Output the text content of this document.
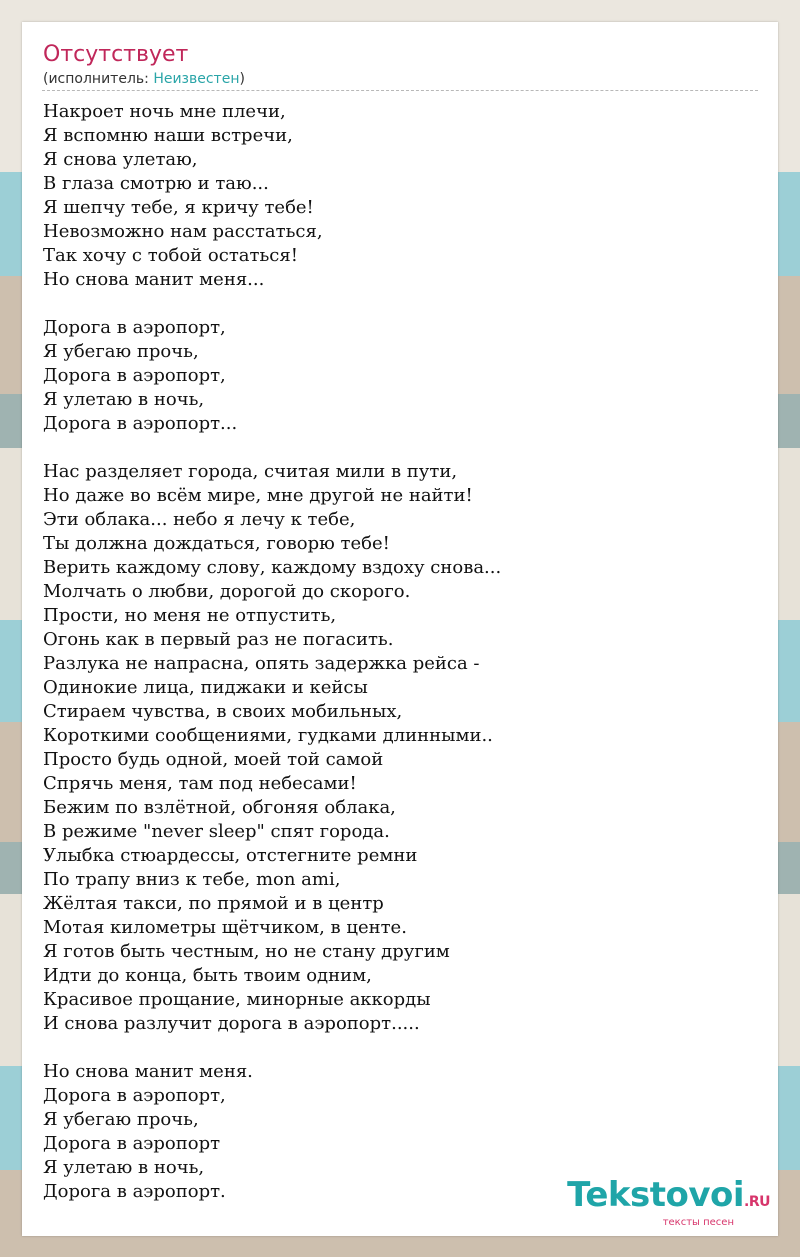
Отсутствует
(исполнитель: Неизвестен)
Накроет ночь мне плечи,
Я вспомню наши встречи,
Я снова улетаю,
В глаза смотрю и таю...
Я шепчу тебе, я кричу тебе!
Невозможно нам расстаться,
Так хочу с тобой остаться!
Но снова манит меня...

Дорога в аэропорт,
Я убегаю прочь,
Дорога в аэропорт,
Я улетаю в ночь,
Дорога в аэропорт...

Нас разделяет города, считая мили в пути,
Но даже во всём мире, мне другой не найти!
Эти облака... небо я лечу к тебе,
Ты должна дождаться, говорю тебе!
Верить каждому слову, каждому вздоху снова...
Молчать о любви, дорогой до скорого.
Прости, но меня не отпустить,
Огонь как в первый раз не погасить.
Разлука не напрасна, опять задержка рейса -
Одинокие лица, пиджаки и кейсы
Стираем чувства, в своих мобильных,
Короткими сообщениями, гудками длинными..
Просто будь одной, моей той самой
Спрячь меня, там под небесами!
Бежим по взлётной, обгоняя облака,
В режиме "never sleep" спят города.
Улыбка стюардессы, отстегните ремни
По трапу вниз к тебе, mon ami,
Жёлтая такси, по прямой и в центр
Мотая километры щётчиком, в центе.
Я готов быть честным, но не стану другим
Идти до конца, быть твоим одним,
Красивое прощание, минорные аккорды
И снова разлучит дорога в аэропорт.....

Но снова манит меня.
Дорога в аэропорт,
Я убегаю прочь,
Дорога в аэропорт
Я улетаю в ночь,
Дорога в аэропорт.	Tekstovoi.RU
тексты песен
